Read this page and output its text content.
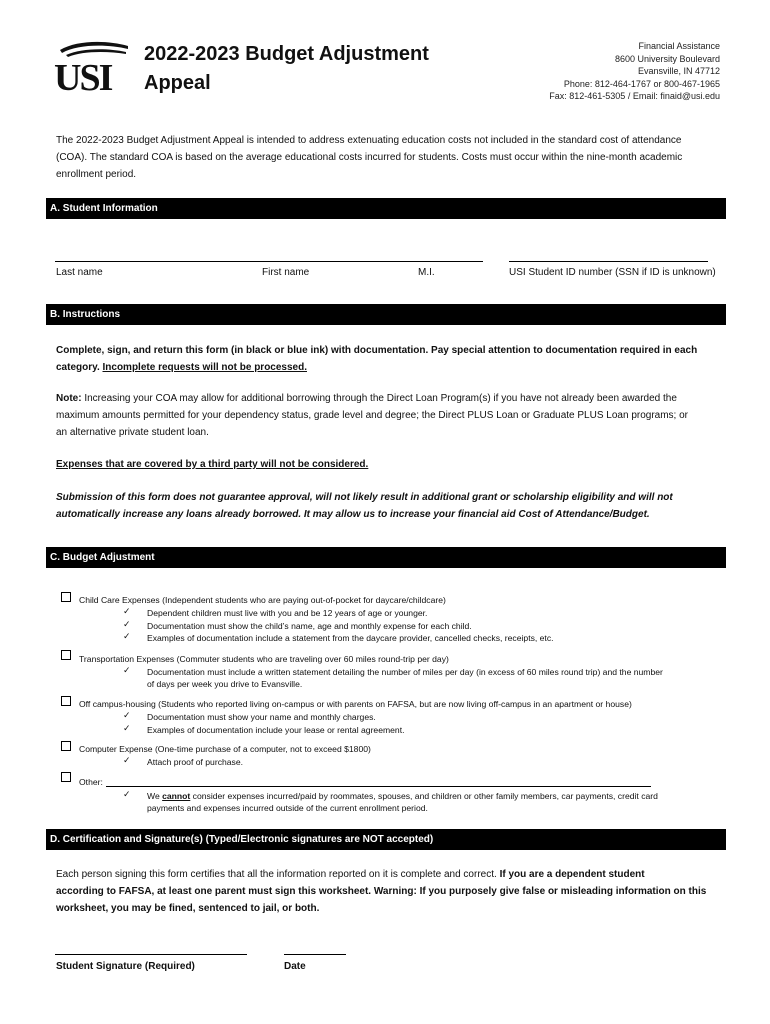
USI
2022-2023 Budget Adjustment
Appeal
Financial Assistance
8600 University Boulevard
Evansville, IN 47712
Phone: 812-464-1767 or 800-467-1965
Fax: 812-461-5305 / Email: finaid@usi.edu
The 2022-2023 Budget Adjustment Appeal is intended to address extenuating education costs not included in the standard cost of attendance
(COA). The standard COA is based on the average educational costs incurred for students. Costs must occur within the nine-month academic
enrollment period.
A. Student Information
Last name	First name	M.I.	USI Student ID number (SSN if ID is unknown)
B. Instructions
Complete, sign, and return this form (in black or blue ink) with documentation. Pay special attention to documentation required in each
category. Incomplete requests will not be processed.
Note: Increasing your COA may allow for additional borrowing through the Direct Loan Program(s) if you have not already been awarded the
maximum amounts permitted for your dependency status, grade level and degree; the Direct PLUS Loan or Graduate PLUS Loan programs; or
an alternative private student loan.
Expenses that are covered by a third party will not be considered.
Submission of this form does not guarantee approval, will not likely result in additional grant or scholarship eligibility and will not
automatically increase any loans already borrowed. It may allow us to increase your financial aid Cost of Attendance/Budget.
C. Budget Adjustment
Child Care Expenses (Independent students who are paying out-of-pocket for daycare/childcare)
✓ Dependent children must live with you and be 12 years of age or younger.
✓ Documentation must show the child’s name, age and monthly expense for each child.
✓ Examples of documentation include a statement from the daycare provider, cancelled checks, receipts, etc.
Transportation Expenses (Commuter students who are traveling over 60 miles round-trip per day)
✓ Documentation must include a written statement detailing the number of miles per day (in excess of 60 miles round trip) and the number
of days per week you drive to Evansville.
Off campus-housing (Students who reported living on-campus or with parents on FAFSA, but are now living off-campus in an apartment or house)
✓ Documentation must show your name and monthly charges.
✓ Examples of documentation include your lease or rental agreement.
Computer Expense (One-time purchase of a computer, not to exceed $1800)
✓ Attach proof of purchase.
Other:
✓ We cannot consider expenses incurred/paid by roommates, spouses, and children or other family members, car payments, credit card
payments and expenses incurred outside of the current enrollment period.
D. Certification and Signature(s) (Typed/Electronic signatures are NOT accepted)
Each person signing this form certifies that all the information reported on it is complete and correct. If you are a dependent student
according to FAFSA, at least one parent must sign this worksheet. Warning: If you purposely give false or misleading information on this
worksheet, you may be fined, sentenced to jail, or both.
Student Signature (Required)	Date
